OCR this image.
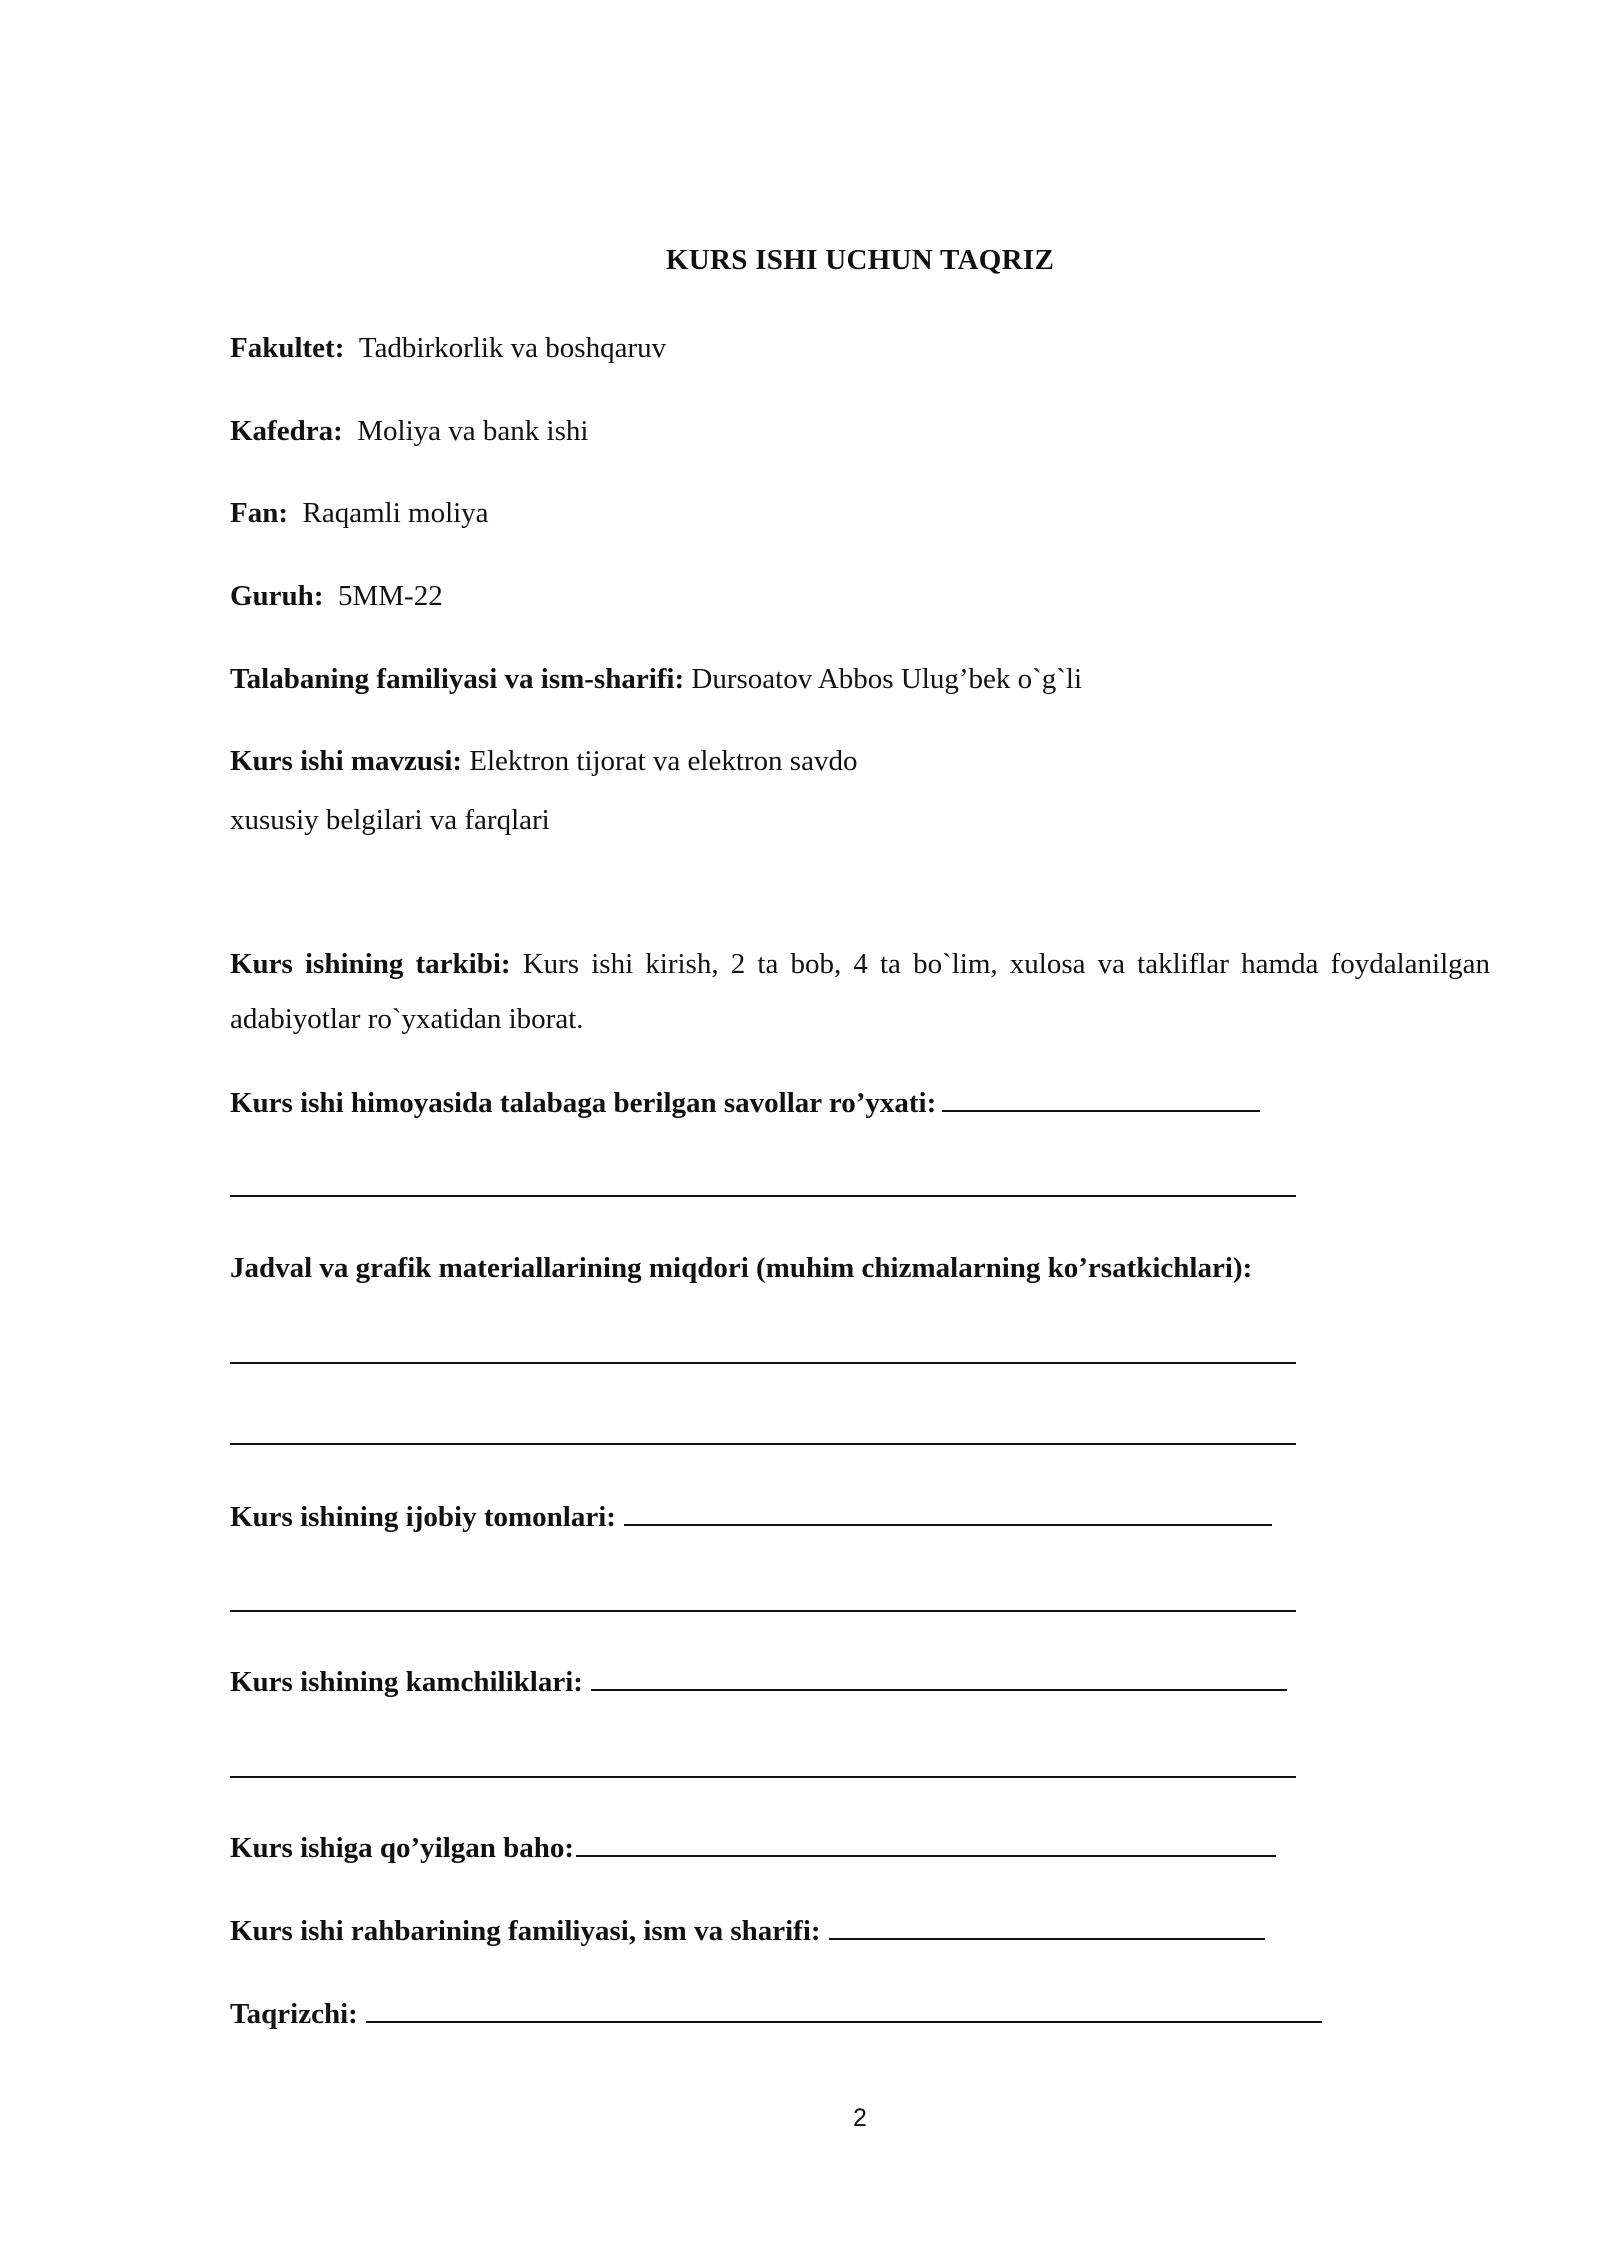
KURS ISHI UCHUN TAQRIZ
Fakultet: Tadbirkorlik va boshqaruv
Kafedra: Moliya va bank ishi
Fan: Raqamli moliya
Guruh: 5MM-22
Talabaning familiyasi va ism-sharifi: Dursoatov Abbos Ulug’bek o`g`li
Kurs ishi mavzusi: Elektron tijorat va elektron savdo
xususiy belgilari va farqlari
Kurs ishining tarkibi: Kurs ishi kirish, 2 ta bob, 4 ta bo`lim, xulosa va takliflar hamda foydalanilgan adabiyotlar ro`yxatidan iborat.
Kurs ishi himoyasida talabaga berilgan savollar ro’yxati:
Jadval va grafik materiallarining miqdori (muhim chizmalarning ko’rsatkichlari):
Kurs ishining ijobiy tomonlari:
Kurs ishining kamchiliklari:
Kurs ishiga qo’yilgan baho:
Kurs ishi rahbarining familiyasi, ism va sharifi:
Taqrizchi:
2
